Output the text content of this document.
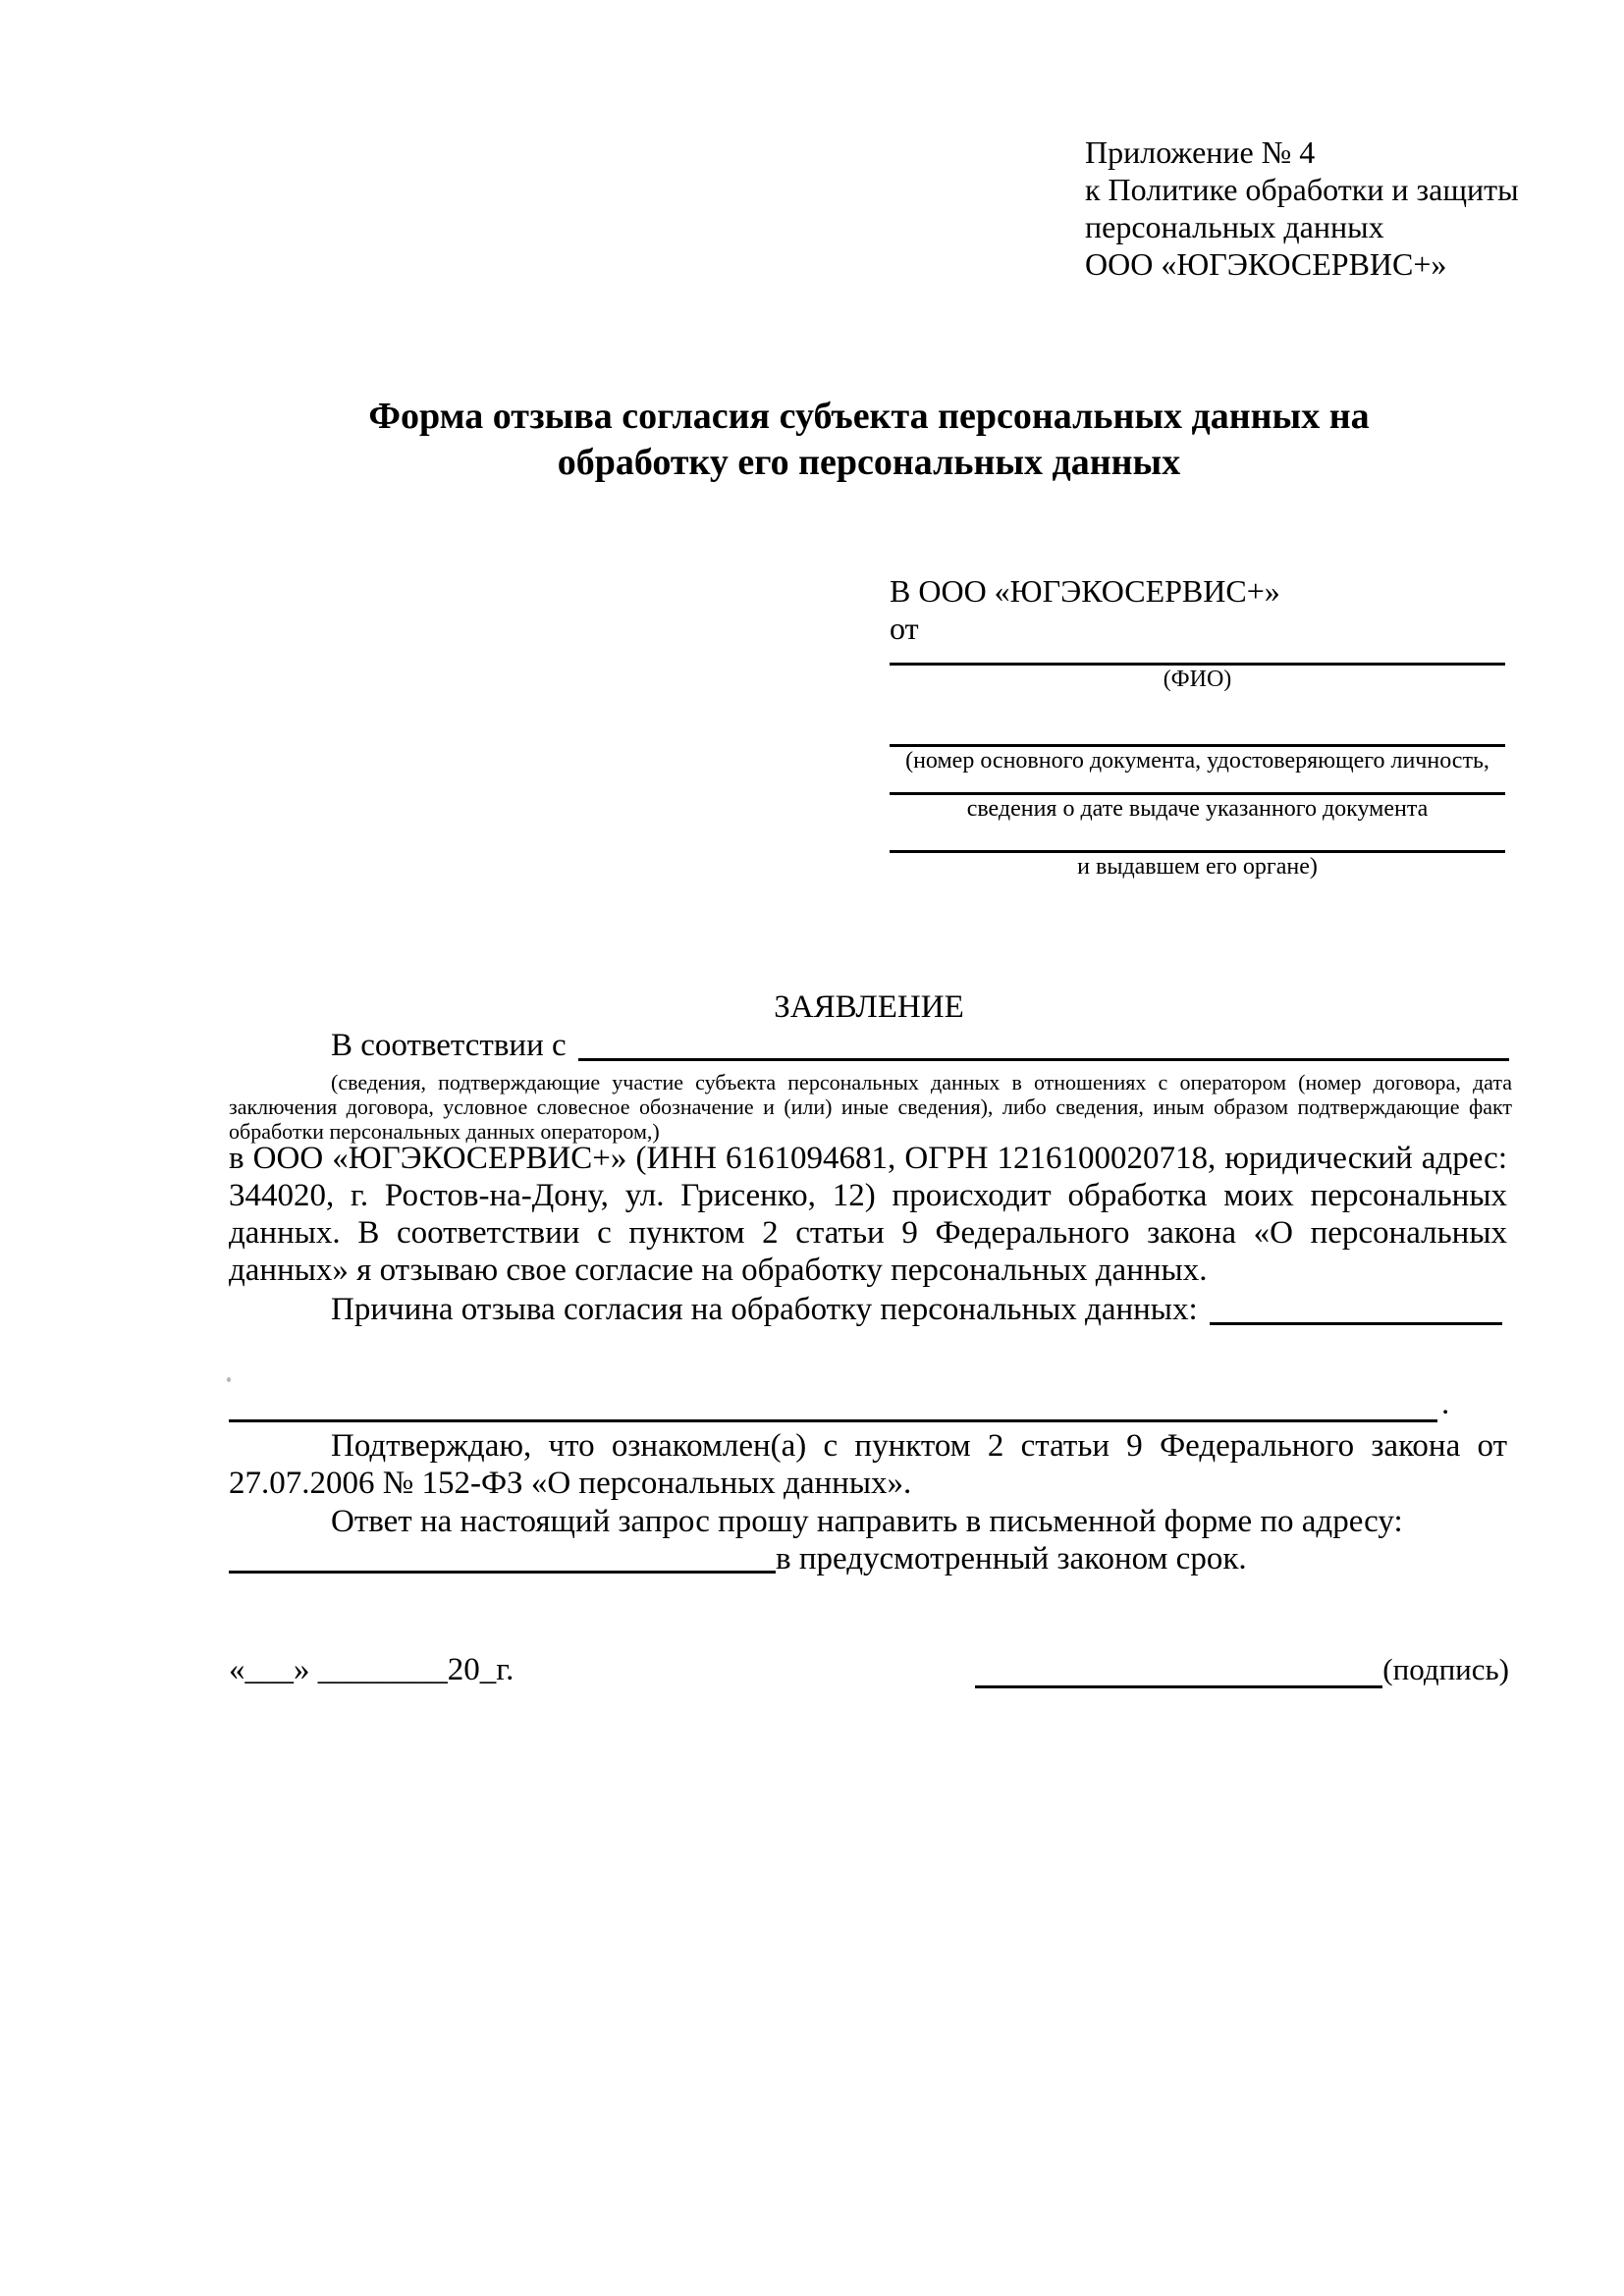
Приложение № 4
к Политике обработки и защиты
персональных данных
ООО «ЮГЭКОСЕРВИС+»
Форма отзыва согласия субъекта персональных данных на обработку его персональных данных
В ООО «ЮГЭКОСЕРВИС+»
от
(ФИО)
(номер основного документа, удостоверяющего личность,
сведения о дате выдаче указанного документа
и выдавшем его органе)
ЗАЯВЛЕНИЕ
В соответствии с
(сведения, подтверждающие участие субъекта персональных данных в отношениях с оператором (номер договора, дата заключения договора, условное словесное обозначение и (или) иные сведения), либо сведения, иным образом подтверждающие факт обработки персональных данных оператором,)
в ООО «ЮГЭКОСЕРВИС+» (ИНН 6161094681, ОГРН 1216100020718, юридический адрес: 344020, г. Ростов-на-Дону, ул. Грисенко, 12) происходит обработка моих персональных данных. В соответствии с пунктом 2 статьи 9 Федерального закона «О персональных данных» я отзываю свое согласие на обработку персональных данных.
Причина отзыва согласия на обработку персональных данных:
.
Подтверждаю, что ознакомлен(а) с пунктом 2 статьи 9 Федерального закона от 27.07.2006 № 152-ФЗ «О персональных данных».
Ответ на настоящий запрос прошу направить в письменной форме по адресу:
в предусмотренный законом срок.
«___» ________20_г.	(подпись)
